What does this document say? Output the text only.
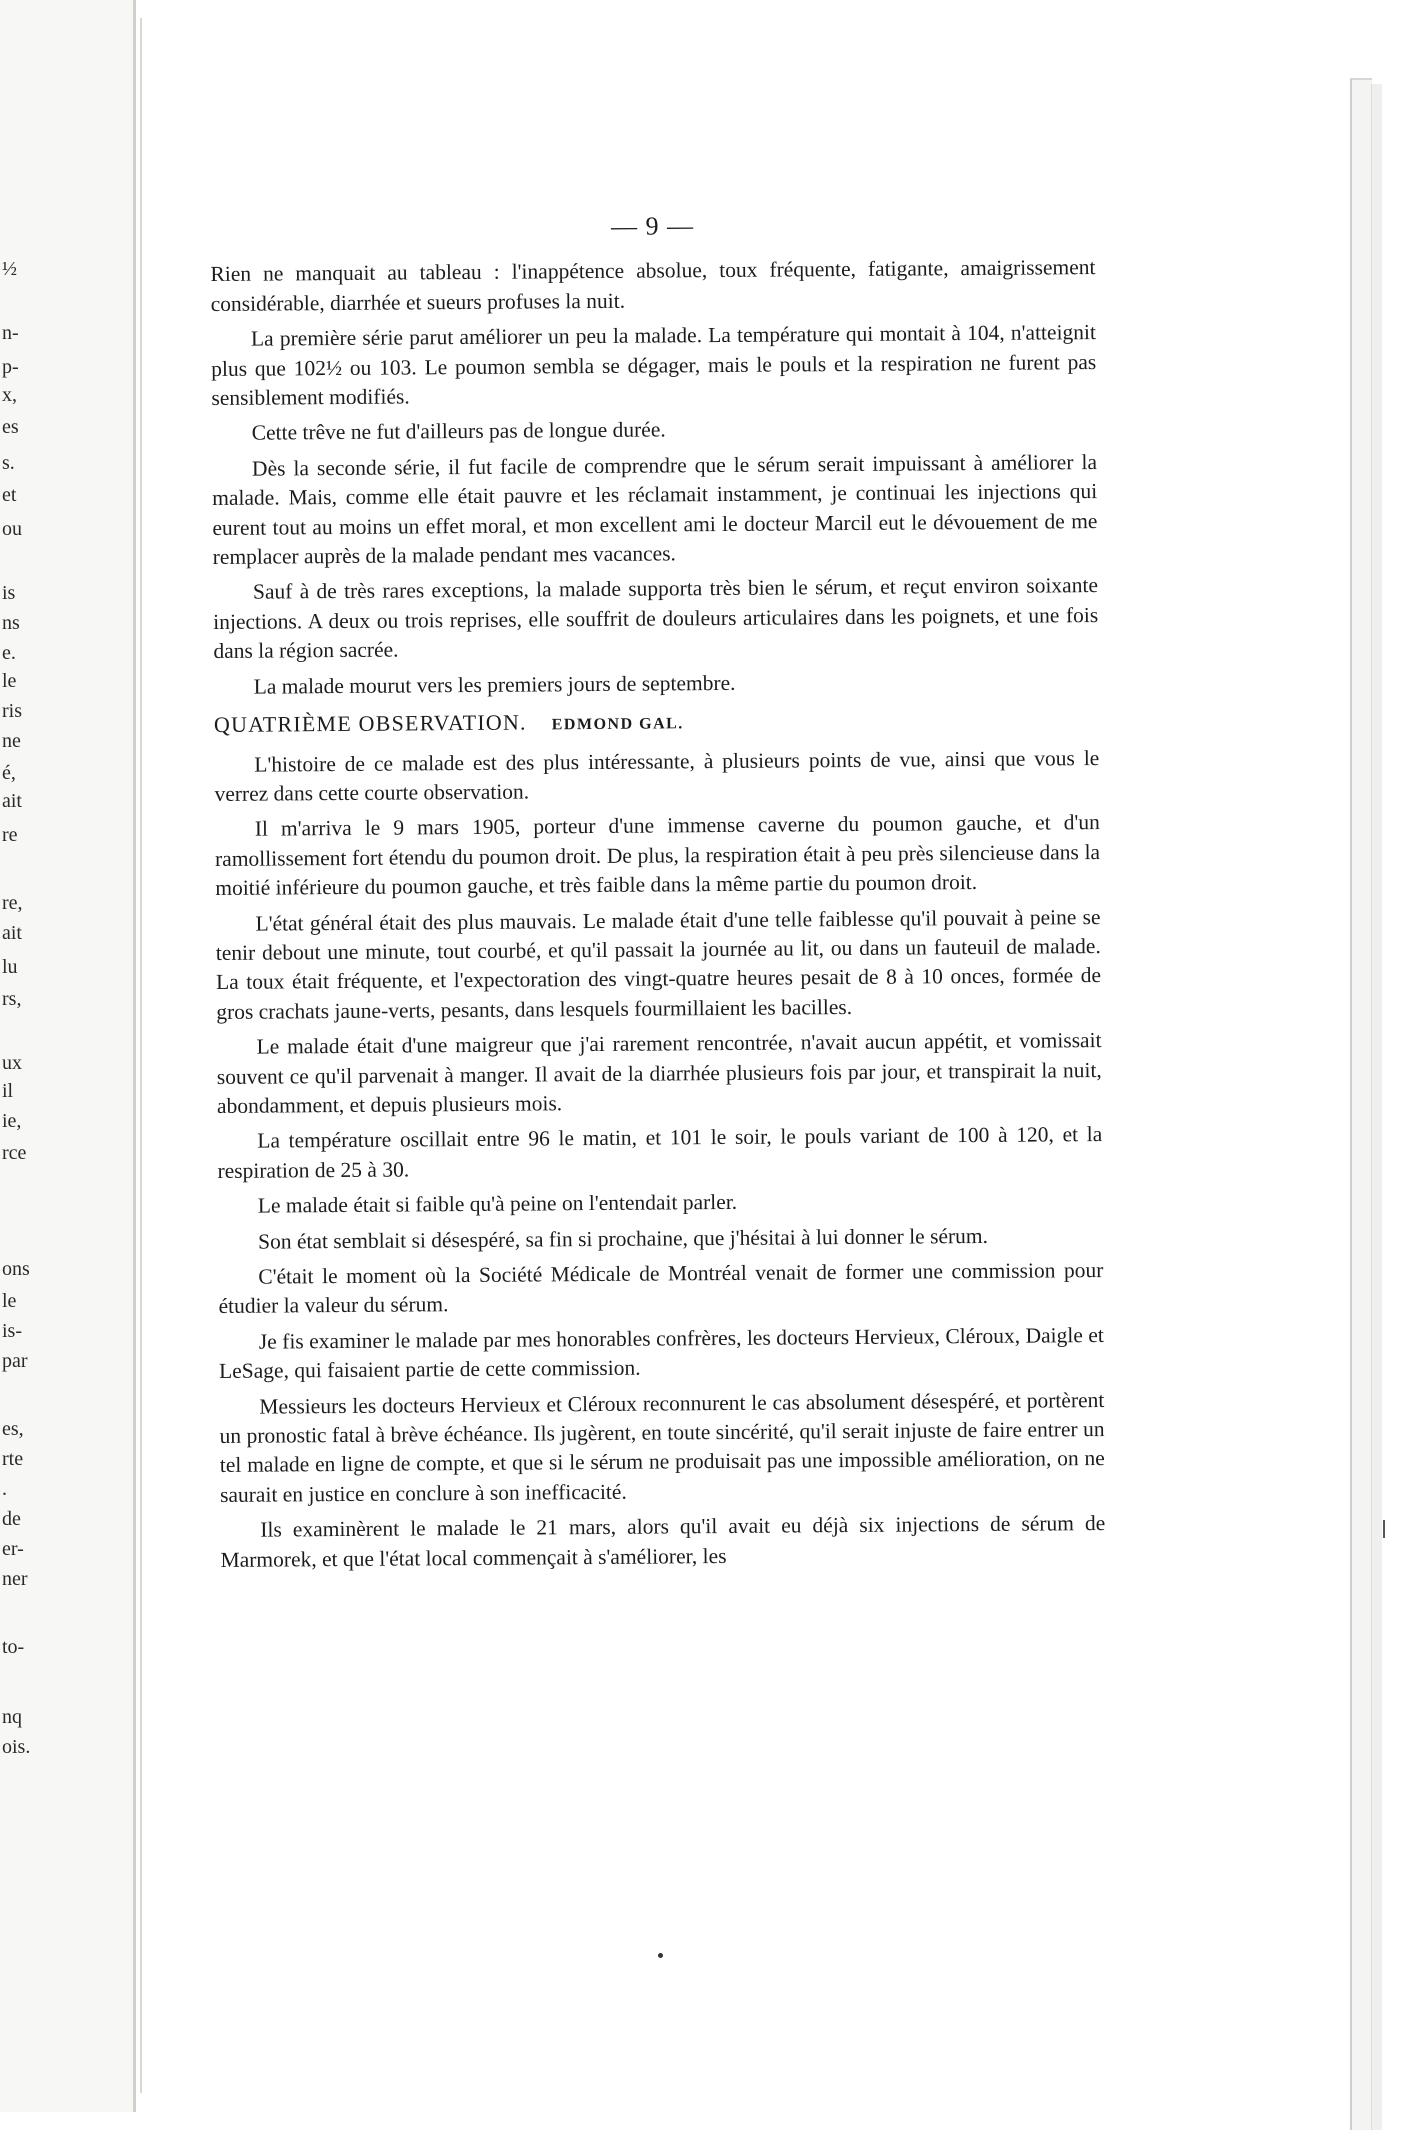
½
n-
p-
x,
es
s.
et
ou
is
ns
e.
le
ris
ne
é,
ait
re
re,
ait
lu
rs,
ux
il
ie,
rce
ons
le
is-
par
es,
rte
.
de
er-
ner
to-
nq
ois.
— 9 —

Rien ne manquait au tableau : l'inappétence absolue, toux fréquente, fatigante, amaigrissement considérable, diarrhée et sueurs profuses la nuit.

La première série parut améliorer un peu la malade. La température qui montait à 104, n'atteignit plus que 102½ ou 103. Le poumon sembla se dégager, mais le pouls et la respiration ne furent pas sensiblement modifiés.

Cette trêve ne fut d'ailleurs pas de longue durée.

Dès la seconde série, il fut facile de comprendre que le sérum serait impuissant à améliorer la malade. Mais, comme elle était pauvre et les réclamait instamment, je continuai les injections qui eurent tout au moins un effet moral, et mon excellent ami le docteur Marcil eut le dévouement de me remplacer auprès de la malade pendant mes vacances.

Sauf à de très rares exceptions, la malade supporta très bien le sérum, et reçut environ soixante injections. A deux ou trois reprises, elle souffrit de douleurs articulaires dans les poignets, et une fois dans la région sacrée.

La malade mourut vers les premiers jours de septembre.

QUATRIÈME OBSERVATION. EDMOND GAL.

L'histoire de ce malade est des plus intéressante, à plusieurs points de vue, ainsi que vous le verrez dans cette courte observation.

Il m'arriva le 9 mars 1905, porteur d'une immense caverne du poumon gauche, et d'un ramollissement fort étendu du poumon droit. De plus, la respiration était à peu près silencieuse dans la moitié inférieure du poumon gauche, et très faible dans la même partie du poumon droit.

L'état général était des plus mauvais. Le malade était d'une telle faiblesse qu'il pouvait à peine se tenir debout une minute, tout courbé, et qu'il passait la journée au lit, ou dans un fauteuil de malade. La toux était fréquente, et l'expectoration des vingt-quatre heures pesait de 8 à 10 onces, formée de gros crachats jaune-verts, pesants, dans lesquels fourmillaient les bacilles.

Le malade était d'une maigreur que j'ai rarement rencontrée, n'avait aucun appétit, et vomissait souvent ce qu'il parvenait à manger. Il avait de la diarrhée plusieurs fois par jour, et transpirait la nuit, abondamment, et depuis plusieurs mois.

La température oscillait entre 96 le matin, et 101 le soir, le pouls variant de 100 à 120, et la respiration de 25 à 30.

Le malade était si faible qu'à peine on l'entendait parler.

Son état semblait si désespéré, sa fin si prochaine, que j'hésitai à lui donner le sérum.

C'était le moment où la Société Médicale de Montréal venait de former une commission pour étudier la valeur du sérum.

Je fis examiner le malade par mes honorables confrères, les docteurs Hervieux, Cléroux, Daigle et LeSage, qui faisaient partie de cette commission.

Messieurs les docteurs Hervieux et Cléroux reconnurent le cas absolument désespéré, et portèrent un pronostic fatal à brève échéance. Ils jugèrent, en toute sincérité, qu'il serait injuste de faire entrer un tel malade en ligne de compte, et que si le sérum ne produisait pas une impossible amélioration, on ne saurait en justice en conclure à son inefficacité.

Ils examinèrent le malade le 21 mars, alors qu'il avait eu déjà six injections de sérum de Marmorek, et que l'état local commençait à s'améliorer, les
